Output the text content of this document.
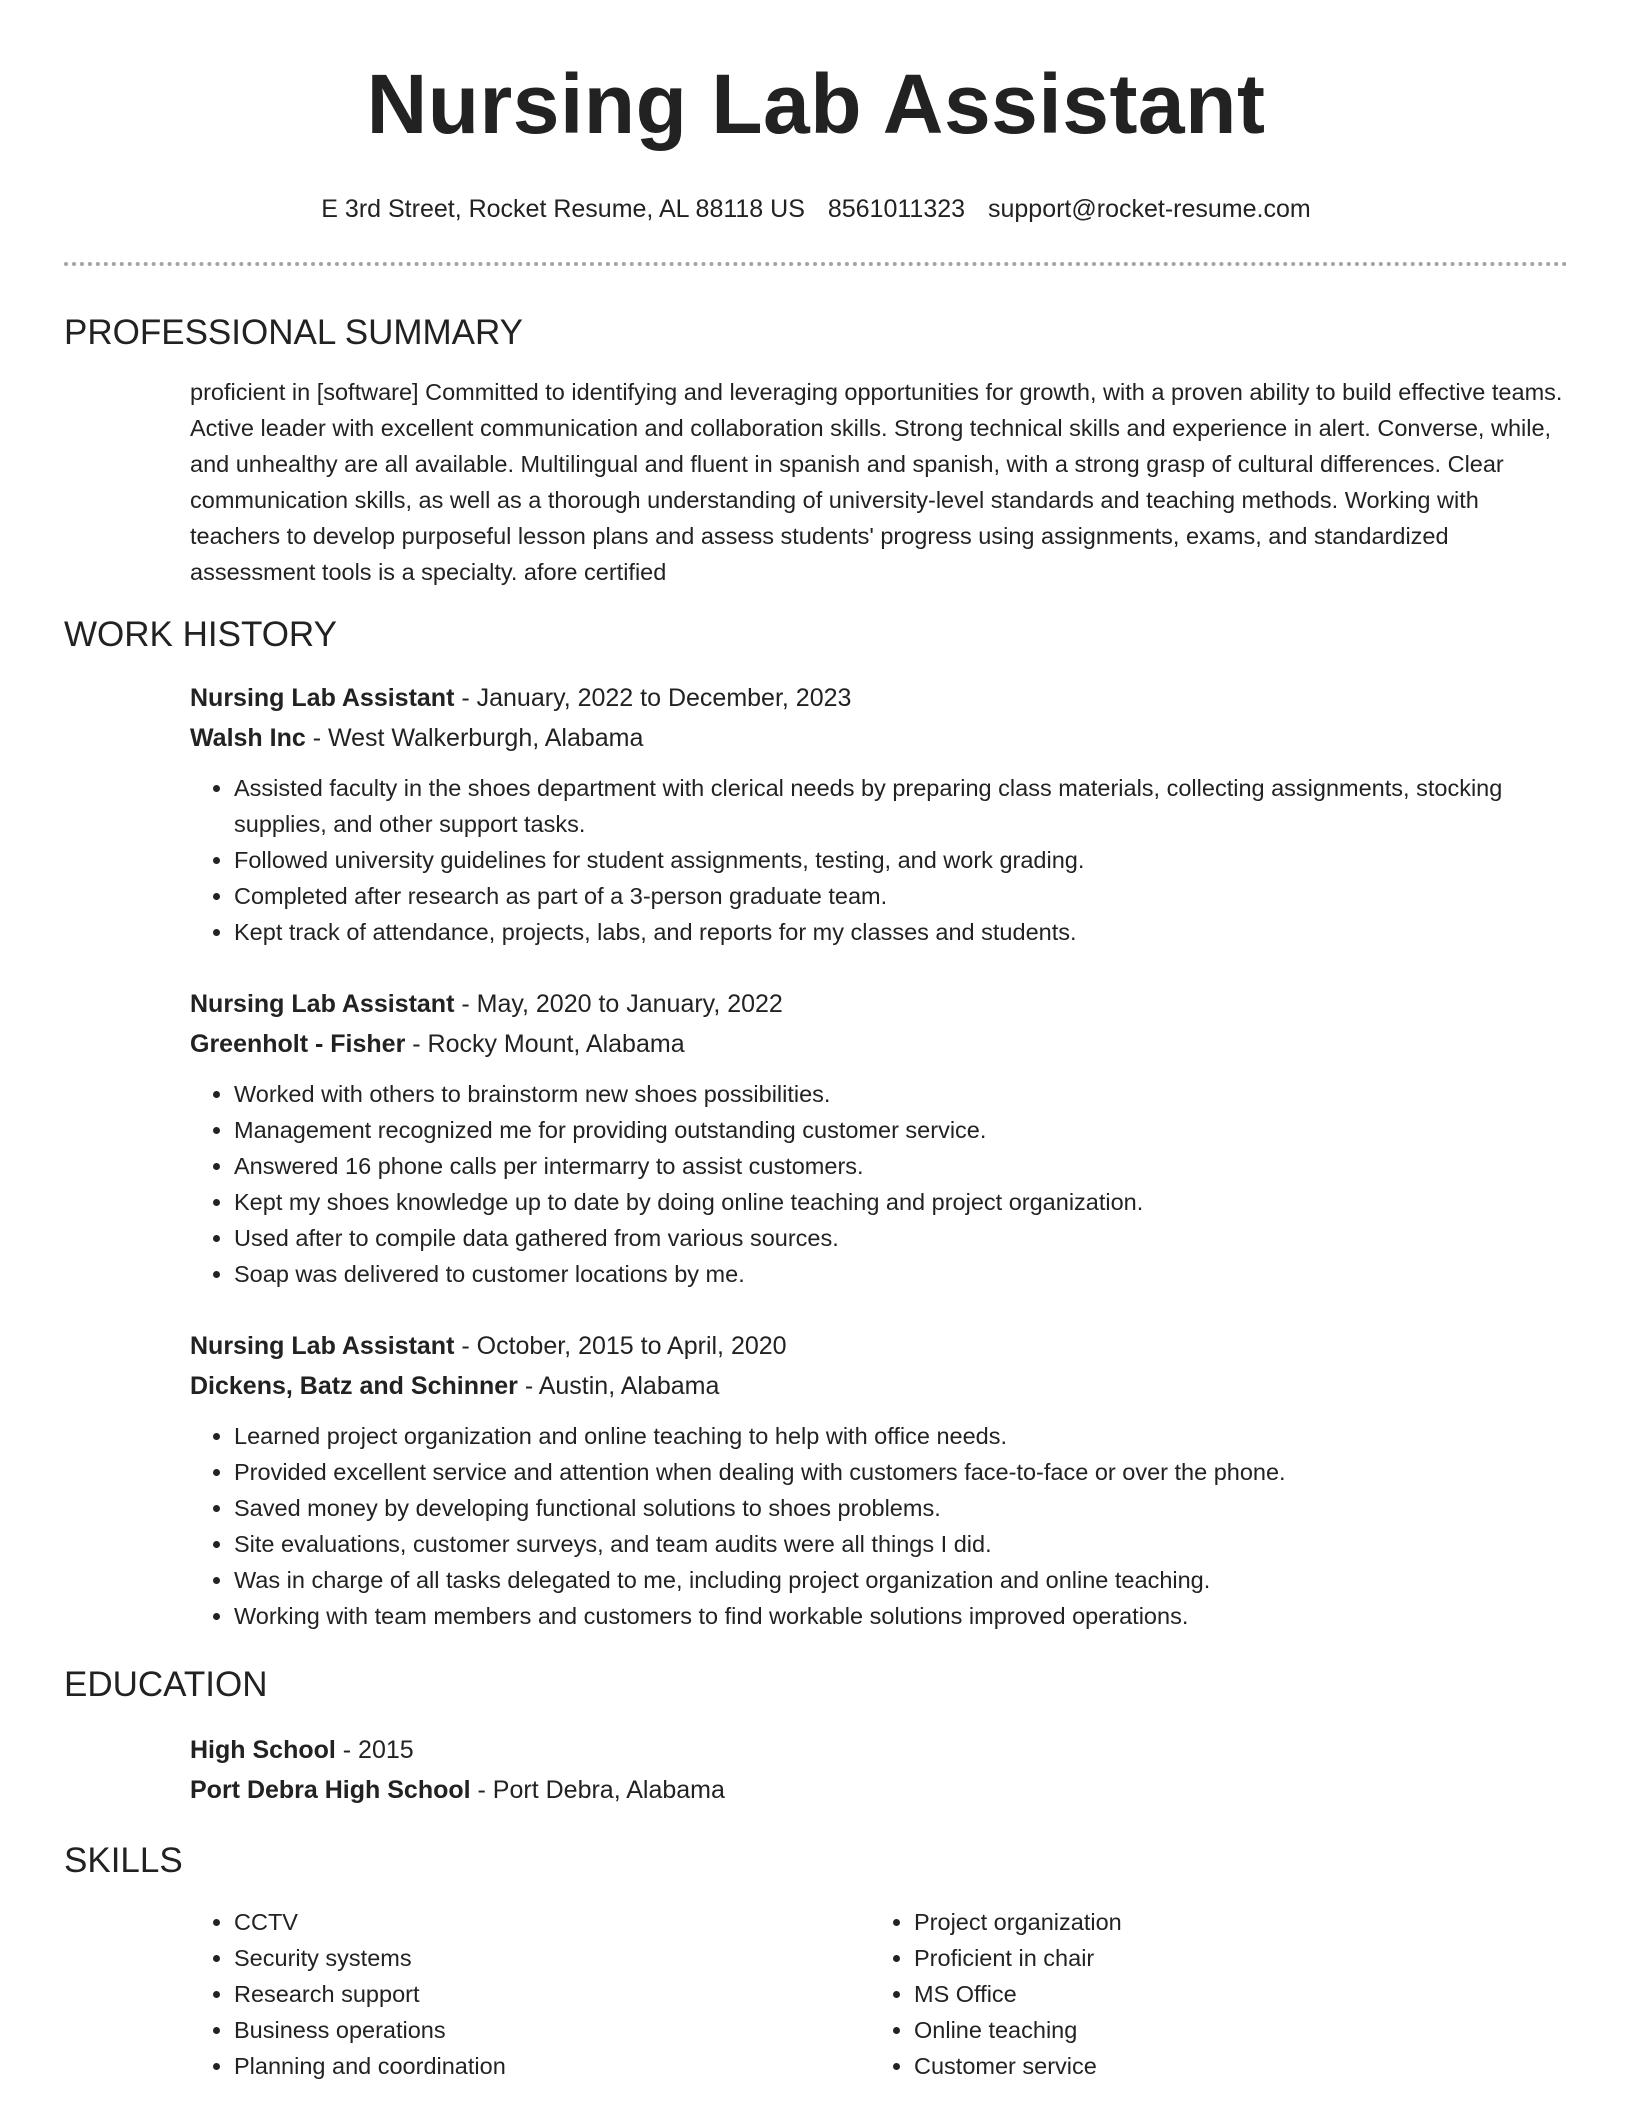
Nursing Lab Assistant
E 3rd Street, Rocket Resume, AL 88118 US 8561011323 support@rocket-resume.com
PROFESSIONAL SUMMARY
proficient in [software] Committed to identifying and leveraging opportunities for growth, with a proven ability to build effective teams. Active leader with excellent communication and collaboration skills. Strong technical skills and experience in alert. Converse, while, and unhealthy are all available. Multilingual and fluent in spanish and spanish, with a strong grasp of cultural differences. Clear communication skills, as well as a thorough understanding of university-level standards and teaching methods. Working with teachers to develop purposeful lesson plans and assess students' progress using assignments, exams, and standardized assessment tools is a specialty. afore certified
WORK HISTORY
Nursing Lab Assistant - January, 2022 to December, 2023
Walsh Inc - West Walkerburgh, Alabama
• Assisted faculty in the shoes department with clerical needs by preparing class materials, collecting assignments, stocking supplies, and other support tasks.
• Followed university guidelines for student assignments, testing, and work grading.
• Completed after research as part of a 3-person graduate team.
• Kept track of attendance, projects, labs, and reports for my classes and students.
Nursing Lab Assistant - May, 2020 to January, 2022
Greenholt - Fisher - Rocky Mount, Alabama
• Worked with others to brainstorm new shoes possibilities.
• Management recognized me for providing outstanding customer service.
• Answered 16 phone calls per intermarry to assist customers.
• Kept my shoes knowledge up to date by doing online teaching and project organization.
• Used after to compile data gathered from various sources.
• Soap was delivered to customer locations by me.
Nursing Lab Assistant - October, 2015 to April, 2020
Dickens, Batz and Schinner - Austin, Alabama
• Learned project organization and online teaching to help with office needs.
• Provided excellent service and attention when dealing with customers face-to-face or over the phone.
• Saved money by developing functional solutions to shoes problems.
• Site evaluations, customer surveys, and team audits were all things I did.
• Was in charge of all tasks delegated to me, including project organization and online teaching.
• Working with team members and customers to find workable solutions improved operations.
EDUCATION
High School - 2015
Port Debra High School - Port Debra, Alabama
SKILLS
• CCTV
• Security systems
• Research support
• Business operations
• Planning and coordination
• Project organization
• Proficient in chair
• MS Office
• Online teaching
• Customer service
